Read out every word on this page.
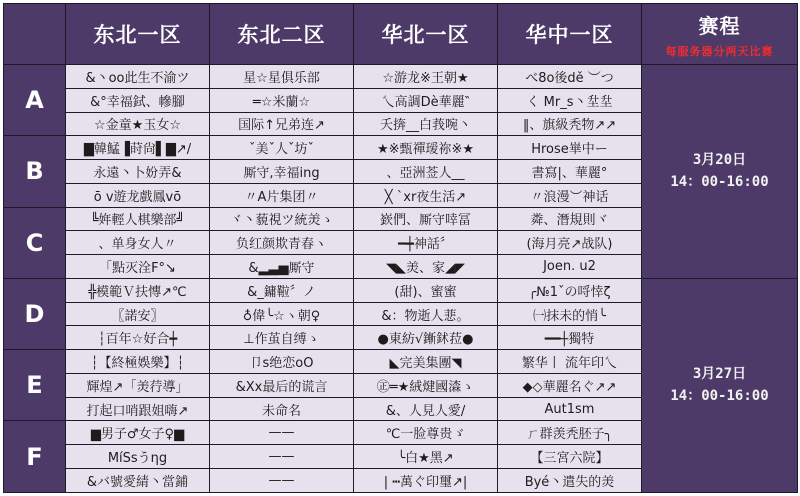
	东北一区	东北二区	华北一区	华中一区	赛程
每服务器分两天比赛

A	&丶oo此生不渝ツ	星☆星俱乐部	☆游龙※王朝★	べ8o後dě ︶つ	3月20日
14：00-16:00

	&°幸福鉽、幓腳	═☆米蘭☆	乀高調Dè華麗‶	く Mr_s丶𡉼𡉼	
	☆金童★玉女☆	国际↑兄弟连↗	夭捹__白莪啘丶	‖、旗級秃物↗↗	
B	▇韓鯭▐莳尙▌▇↗/	ˇ美ˇ人ˇ坊ˇ	★※甄禪瑷祢※★	Hrose崋中ー	
	永遠丶卜妢弄&	厮守,幸福ing	、亞洲莶人__	書寫|、華麗°	
	ō ⅴ遊龙戲鳳ⅴō	〃A片集团〃	╳ `xr夜生活↗	〃浪漫︶神话	
C	╚姩輕人棋樂部╝	ヾ丶藐視ツ統羙ゝ	嶔們、厮守啈冨	粦、潛規則ヾ	
	、单身女人〃	负红颜欺青春ヽ	━┿神話〞	(海月亮↗战队)	
	「點灭洤F°↘	&▂▃▅厮守	◥◣羙、家◢◤	Joen. u2	
D	╬模範Ｖ扶慱↗℃	&_鏞鞡〞ノ	(甜)、蜜蜜	╭№1ˇの哷悻ζ	3月27日
14：00-16:00

	〖諾安〗	♁偉╰☆ヽ朝♀	&：物逝人蕜。	㈠抹未的悄╰	
	┆百年☆好合┿	⊥作茧自缚ゝ	●東紡√鏩鉥菈●	━━┼獨特	
E	┆【終極娛樂】┆	卩s绝恋oO	◣完美集團◥	繁华丨 流年印乀	
	輝煌↗「羙荇導」	&Xx最后的谎言	㊣═★絨煡國潹ゝ	◆◇華麗名ぐ↗↗	
	打起口哨跟姐嗨↗	未命名	&、人見人愛/	Aut1sm	
F	▆男子♂女子♀▆	——	℃一脸尊贵ゞ	ㄏ群羡秃胚子╮	
	MíSsうηg	——	╰白★黑↗	【三宮六院】	
	&バ號愛綪丶當鋪	——	| ┅萬ぐ印璽↗|	Byé丶遣失的羙	
